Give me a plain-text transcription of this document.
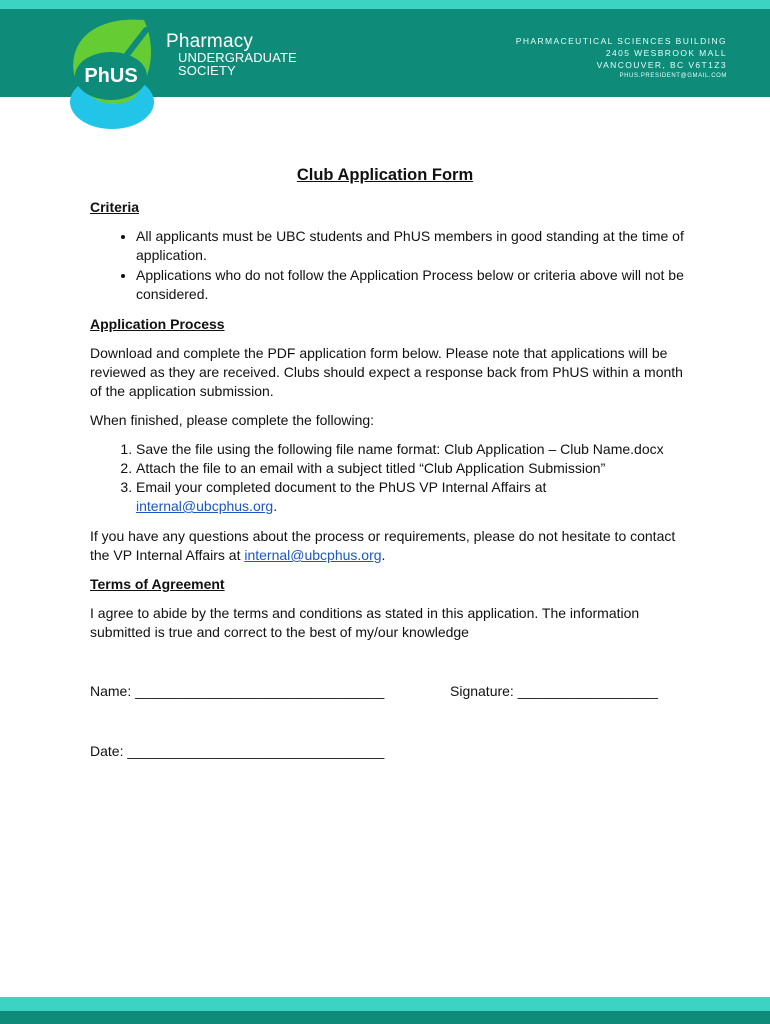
PhUS
Pharmacy
UNDERGRADUATE
SOCIETY
PHARMACEUTICAL SCIENCES BUILDING
2405 WESBROOK MALL
VANCOUVER, BC V6T1Z3
PHUS.PRESIDENT@GMAIL.COM
Club Application Form
Criteria
• All applicants must be UBC students and PhUS members in good standing at the time of application.
• Applications who do not follow the Application Process below or criteria above will not be considered.
Application Process

Download and complete the PDF application form below. Please note that applications will be reviewed as they are received. Clubs should expect a response back from PhUS within a month of the application submission.

When finished, please complete the following:

1. Save the file using the following file name format: Club Application – Club Name.docx
2. Attach the file to an email with a subject titled “Club Application Submission”
3. Email your completed document to the PhUS VP Internal Affairs at internal@ubcphus.org.

If you have any questions about the process or requirements, please do not hesitate to contact the VP Internal Affairs at internal@ubcphus.org.

Terms of Agreement

I agree to abide by the terms and conditions as stated in this application. The information submitted is true and correct to the best of my/our knowledge

Name: ________________________________	Signature: __________________
Date: _________________________________
